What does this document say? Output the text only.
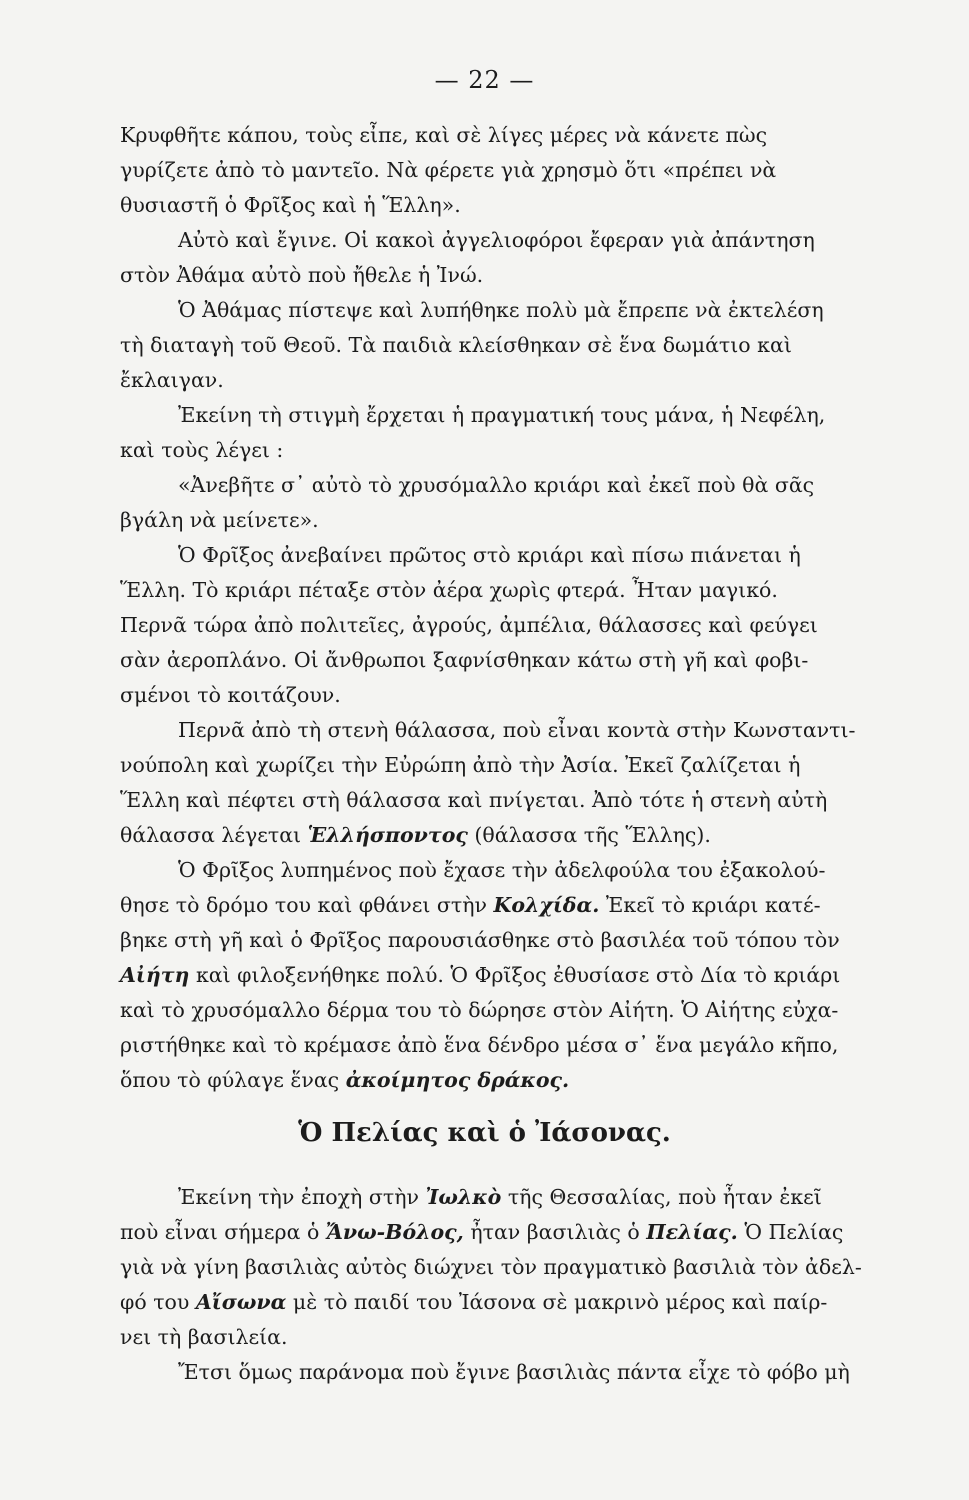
— 22 —
Κρυφθῆτε κάπου, τοὺς εἶπε, καὶ σὲ λίγες μέρες νὰ κάνετε πὼς
γυρίζετε ἀπὸ τὸ μαντεῖο. Νὰ φέρετε γιὰ χρησμὸ ὅτι «πρέπει νὰ
θυσιαστῆ ὁ Φρῖξος καὶ ἡ Ἕλλη».
Αὐτὸ καὶ ἔγινε. Οἱ κακοὶ ἀγγελιοφόροι ἔφεραν γιὰ ἀπάντηση
στὸν Ἀθάμα αὐτὸ ποὺ ἤθελε ἡ Ἰνώ.
Ὁ Ἀθάμας πίστεψε καὶ λυπήθηκε πολὺ μὰ ἔπρεπε νὰ ἐκτελέση
τὴ διαταγὴ τοῦ Θεοῦ. Τὰ παιδιὰ κλείσθηκαν σὲ ἕνα δωμάτιο καὶ
ἔκλαιγαν.
Ἐκείνη τὴ στιγμὴ ἔρχεται ἡ πραγματική τους μάνα, ἡ Νεφέλη,
καὶ τοὺς λέγει :
«Ἀνεβῆτε σ᾽ αὐτὸ τὸ χρυσόμαλλο κριάρι καὶ ἐκεῖ ποὺ θὰ σᾶς
βγάλη νὰ μείνετε».
Ὁ Φρῖξος ἀνεβαίνει πρῶτος στὸ κριάρι καὶ πίσω πιάνεται ἡ
Ἕλλη. Τὸ κριάρι πέταξε στὸν ἀέρα χωρὶς φτερά. Ἦταν μαγικό.
Περνᾶ τώρα ἀπὸ πολιτεῖες, ἀγρούς, ἀμπέλια, θάλασσες καὶ φεύγει
σὰν ἀεροπλάνο. Οἱ ἄνθρωποι ξαφνίσθηκαν κάτω στὴ γῆ καὶ φοβι-
σμένοι τὸ κοιτάζουν.
Περνᾶ ἀπὸ τὴ στενὴ θάλασσα, ποὺ εἶναι κοντὰ στὴν Κωνσταντι-
νούπολη καὶ χωρίζει τὴν Εὐρώπη ἀπὸ τὴν Ἀσία. Ἐκεῖ ζαλίζεται ἡ
Ἕλλη καὶ πέφτει στὴ θάλασσα καὶ πνίγεται. Ἀπὸ τότε ἡ στενὴ αὐτὴ
θάλασσα λέγεται Ἑλλήσποντος (θάλασσα τῆς Ἕλλης).
Ὁ Φρῖξος λυπημένος ποὺ ἔχασε τὴν ἀδελφούλα του ἐξακολού-
θησε τὸ δρόμο του καὶ φθάνει στὴν Κολχίδα. Ἐκεῖ τὸ κριάρι κατέ-
βηκε στὴ γῆ καὶ ὁ Φρῖξος παρουσιάσθηκε στὸ βασιλέα τοῦ τόπου τὸν
Αἰήτη καὶ φιλοξενήθηκε πολύ. Ὁ Φρῖξος ἐθυσίασε στὸ Δία τὸ κριάρι
καὶ τὸ χρυσόμαλλο δέρμα του τὸ δώρησε στὸν Αἰήτη. Ὁ Αἰήτης εὐχα-
ριστήθηκε καὶ τὸ κρέμασε ἀπὸ ἕνα δένδρο μέσα σ᾽ ἕνα μεγάλο κῆπο,
ὅπου τὸ φύλαγε ἕνας ἀκοίμητος δράκος.
Ὁ Πελίας καὶ ὁ Ἰάσονας.
Ἐκείνη τὴν ἐποχὴ στὴν Ἰωλκὸ τῆς Θεσσαλίας, ποὺ ἦταν ἐκεῖ
ποὺ εἶναι σήμερα ὁ Ἄνω-Βόλος, ἦταν βασιλιὰς ὁ Πελίας. Ὁ Πελίας
γιὰ νὰ γίνη βασιλιὰς αὐτὸς διώχνει τὸν πραγματικὸ βασιλιὰ τὸν ἀδελ-
φό του Αἴσωνα μὲ τὸ παιδί του Ἰάσονα σὲ μακρινὸ μέρος καὶ παίρ-
νει τὴ βασιλεία.
Ἔτσι ὅμως παράνομα ποὺ ἔγινε βασιλιὰς πάντα εἶχε τὸ φόβο μὴ
